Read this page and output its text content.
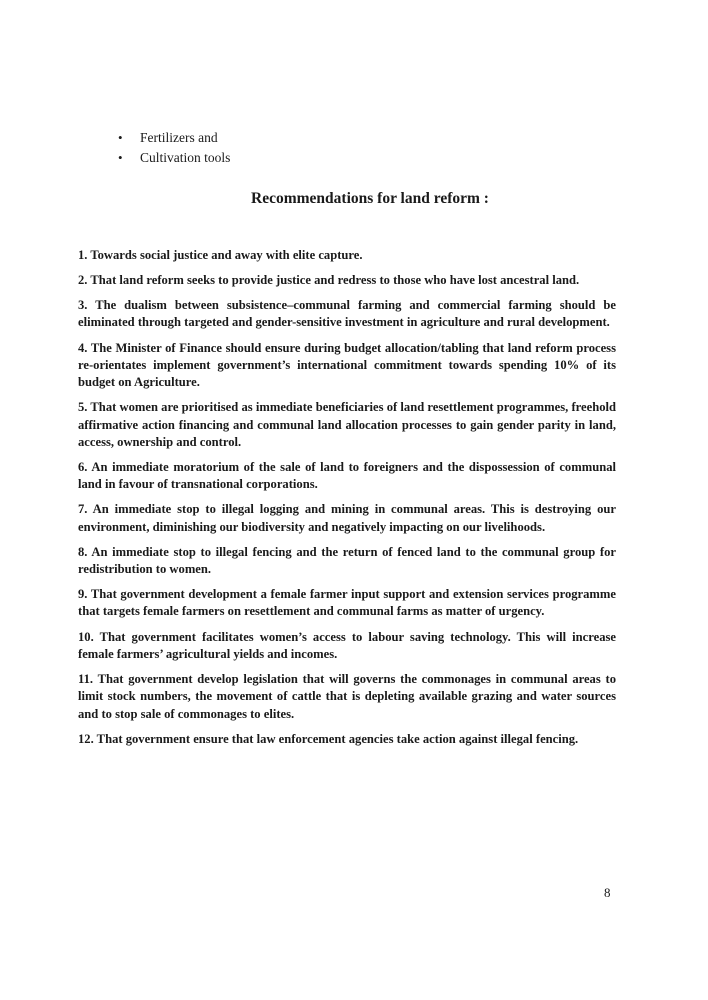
• Fertilizers and
• Cultivation tools
Recommendations for land reform :
1. Towards social justice and away with elite capture.
2. That land reform seeks to provide justice and redress to those who have lost ancestral land.
3. The dualism between subsistence–communal farming and commercial farming should be eliminated through targeted and gender-sensitive investment in agriculture and rural development.
4. The Minister of Finance should ensure during budget allocation/tabling that land reform process re-orientates implement government’s international commitment towards spending 10% of its budget on Agriculture.
5. That women are prioritised as immediate beneficiaries of land resettlement programmes, freehold affirmative action financing and communal land allocation processes to gain gender parity in land, access, ownership and control.
6. An immediate moratorium of the sale of land to foreigners and the dispossession of communal land in favour of transnational corporations.
7. An immediate stop to illegal logging and mining in communal areas. This is destroying our environment, diminishing our biodiversity and negatively impacting on our livelihoods.
8. An immediate stop to illegal fencing and the return of fenced land to the communal group for redistribution to women.
9. That government development a female farmer input support and extension services programme that targets female farmers on resettlement and communal farms as matter of urgency.
10. That government facilitates women’s access to labour saving technology. This will increase female farmers’ agricultural yields and incomes.
11. That government develop legislation that will governs the commonages in communal areas to limit stock numbers, the movement of cattle that is depleting available grazing and water sources and to stop sale of commonages to elites.
12. That government ensure that law enforcement agencies take action against illegal fencing.
8
